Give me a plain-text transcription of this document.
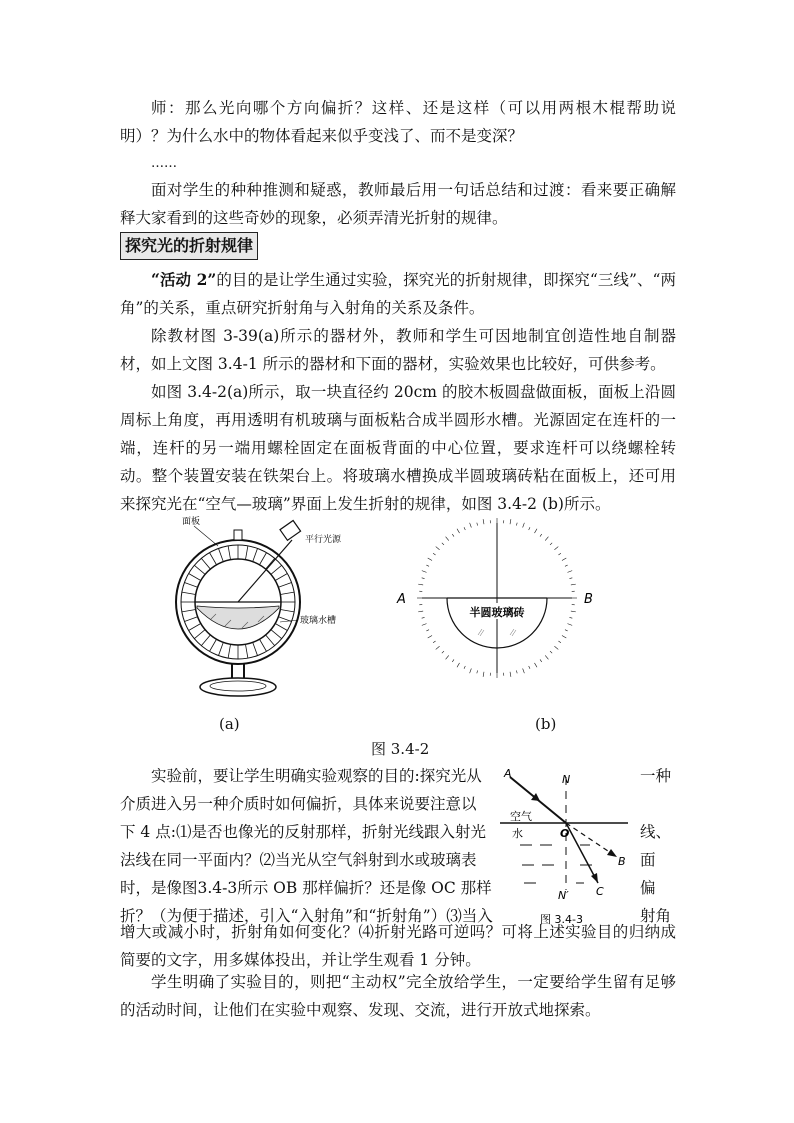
师：那么光向哪个方向偏折？这样、还是这样（可以用两根木棍帮助说明）？为什么水中的物体看起来似乎变浅了、而不是变深？

……

面对学生的种种推测和疑惑，教师最后用一句话总结和过渡：看来要正确解释大家看到的这些奇妙的现象，必须弄清光折射的规律。

探究光的折射规律

“活动 2”的目的是让学生通过实验，探究光的折射规律，即探究“三线”、“两角”的关系，重点研究折射角与入射角的关系及条件。

除教材图 3-39(a)所示的器材外，教师和学生可因地制宜创造性地自制器材，如上文图 3.4-1 所示的器材和下面的器材，实验效果也比较好，可供参考。

如图 3.4-2(a)所示，取一块直径约 20cm 的胶木板圆盘做面板，面板上沿圆周标上角度，再用透明有机玻璃与面板粘合成半圆形水槽。光源固定在连杆的一端，连杆的另一端用螺栓固定在面板背面的中心位置，要求连杆可以绕螺栓转动。整个装置安装在铁架台上。将玻璃水槽换成半圆玻璃砖粘在面板上，还可用来探究光在“空气—玻璃”界面上发生折射的规律，如图 3.4-2 (b)所示。

面板
玻璃水槽
平行光源
半圆玻璃砖
A	B
(a)	(b)
图 3.4-2
实验前，要让学生明确实验观察的目的:探究光从	一种
介质进入另一种介质时如何偏折，具体来说要注意以
下 4 点:⑴是否也像光的反射那样，折射光线跟入射光	线、
法线在同一平面内？⑵当光从空气斜射到水或玻璃表	面
时，是像图3.4-3所示 OB 那样偏折？还是像 OC 那样	偏
折？（为便于描述，引入“入射角”和“折射角”）⑶当入	射角

增大或减小时，折射角如何变化？⑷折射光路可逆吗？可将上述实验目的归纳成简要的文字，用多媒体投出，并让学生观看 1 分钟。

A	N
O
B
C
N′
空气
水
图 3.4-3

学生明确了实验目的，则把“主动权”完全放给学生，一定要给学生留有足够的活动时间，让他们在实验中观察、发现、交流，进行开放式地探索。
